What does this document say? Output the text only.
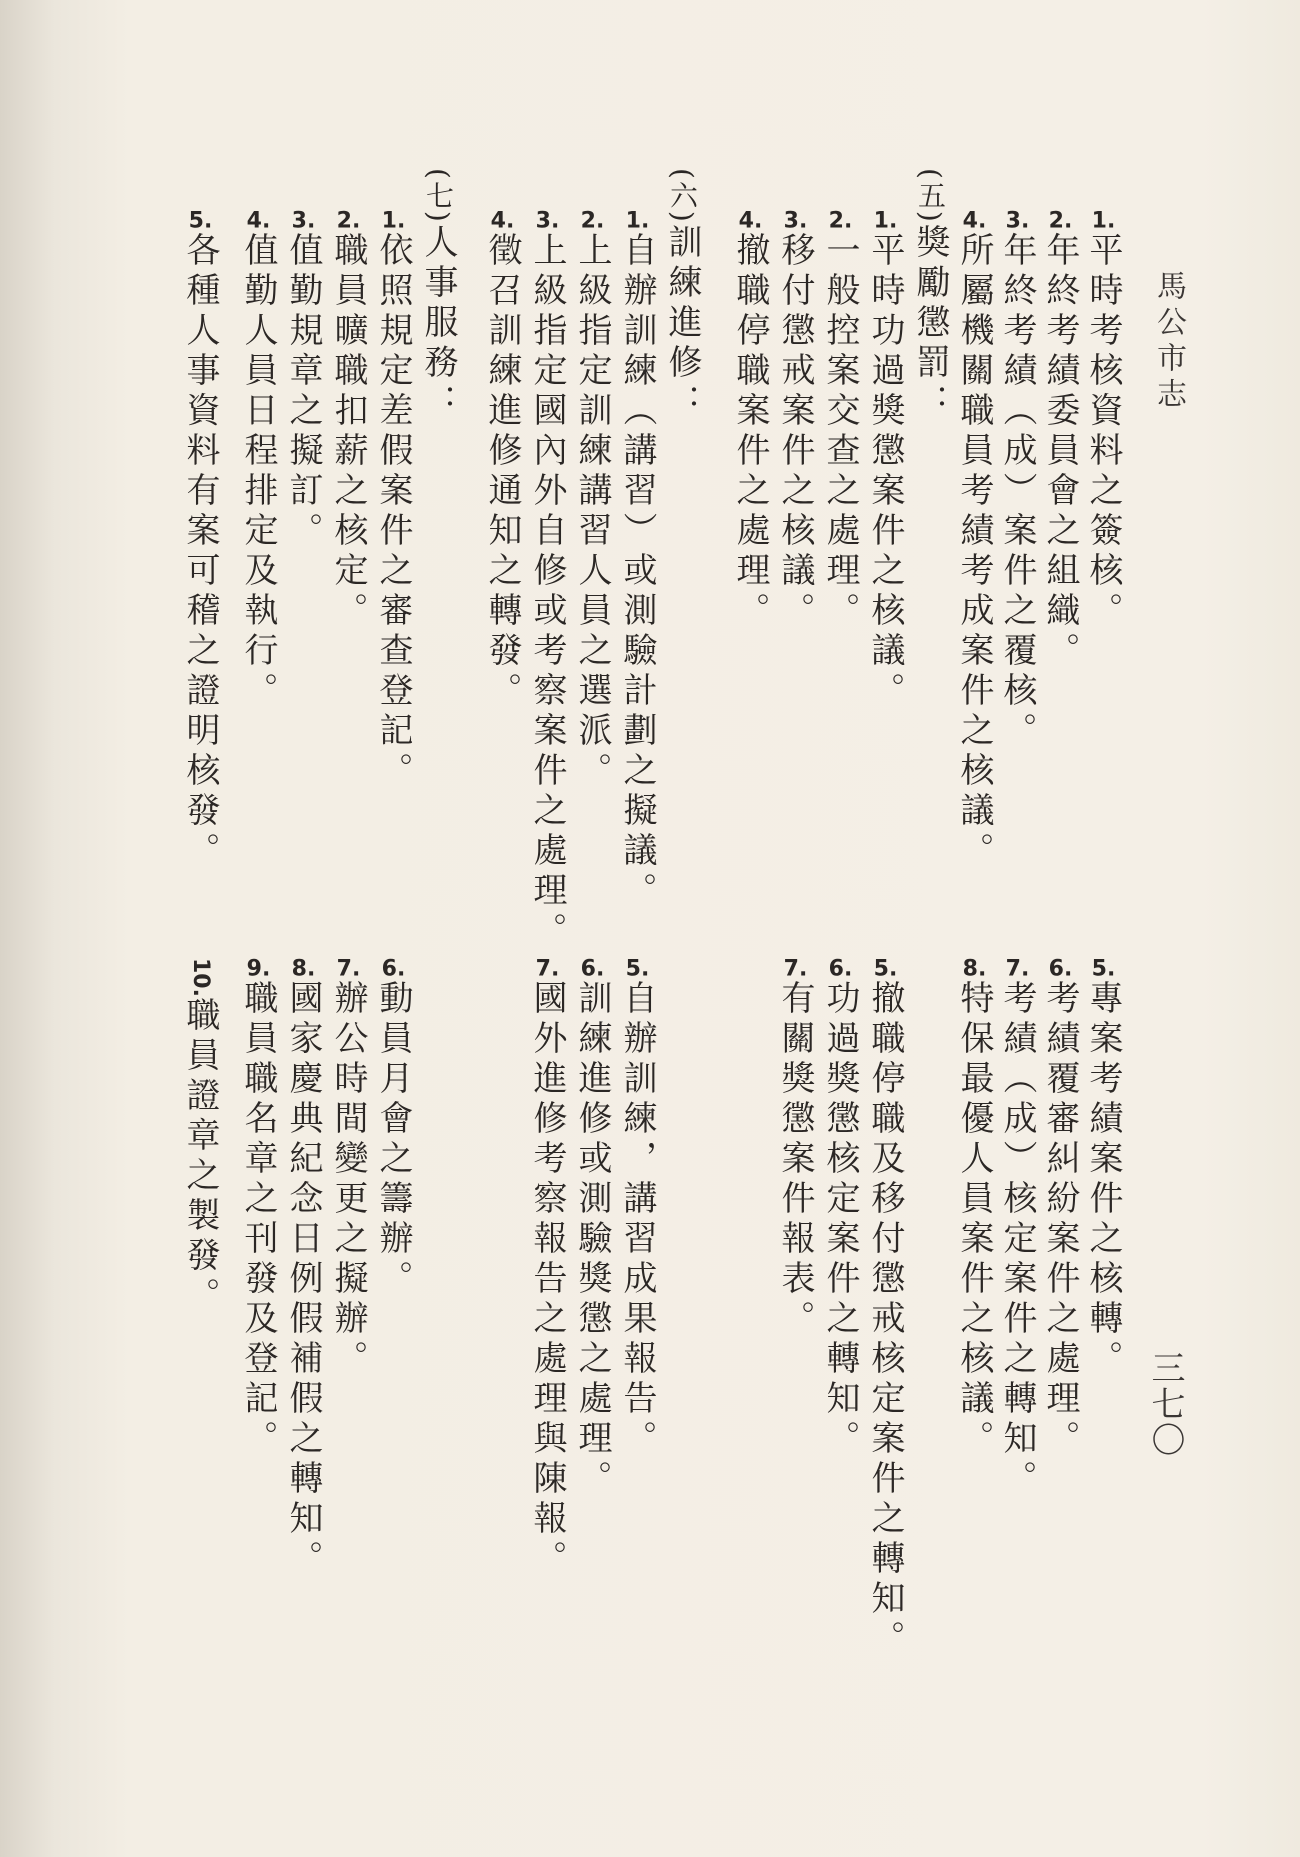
馬公市志
三七〇
1.平時考核資料之簽核。
2.年終考績委員會之組織。
3.年終考績（成）案件之覆核。
4.所屬機關職員考績考成案件之核議。
(五)獎勵懲罰：
1.平時功過獎懲案件之核議。
2.一般控案交查之處理。
3.移付懲戒案件之核議。
4.撤職停職案件之處理。
(六)訓練進修：
1.自辦訓練（講習）或測驗計劃之擬議。
2.上級指定訓練講習人員之選派。
3.上級指定國內外自修或考察案件之處理。
4.徵召訓練進修通知之轉發。
(七)人事服務：
1.依照規定差假案件之審查登記。
2.職員曠職扣薪之核定。
3.值勤規章之擬訂。
4.值勤人員日程排定及執行。
5.各種人事資料有案可稽之證明核發。
5.專案考績案件之核轉。
6.考績覆審糾紛案件之處理。
7.考績（成）核定案件之轉知。
8.特保最優人員案件之核議。
5.撤職停職及移付懲戒核定案件之轉知。
6.功過獎懲核定案件之轉知。
7.有關獎懲案件報表。
5.自辦訓練，講習成果報告。
6.訓練進修或測驗獎懲之處理。
7.國外進修考察報告之處理與陳報。
6.動員月會之籌辦。
7.辦公時間變更之擬辦。
8.國家慶典紀念日例假補假之轉知。
9.職員職名章之刊發及登記。
10.職員證章之製發。
